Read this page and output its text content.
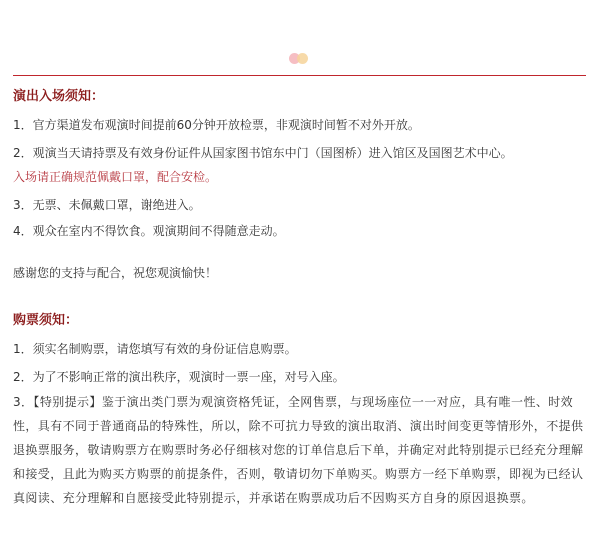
演出入场须知：
1．官方渠道发布观演时间提前60分钟开放检票，非观演时间暂不对外开放。
2．观演当天请持票及有效身份证件从国家图书馆东中门（国图桥）进入馆区及国图艺术中心。
入场请正确规范佩戴口罩，配合安检。
3．无票、未佩戴口罩，谢绝进入。
4．观众在室内不得饮食。观演期间不得随意走动。
感谢您的支持与配合，祝您观演愉快！
购票须知：
1．须实名制购票，请您填写有效的身份证信息购票。
2．为了不影响正常的演出秩序，观演时一票一座，对号入座。
3．【特别提示】鉴于演出类门票为观演资格凭证，全网售票，与现场座位一一对应，具有唯一性、时效性，具有不同于普通商品的特殊性，所以，除不可抗力导致的演出取消、演出时间变更等情形外，不提供退换票服务，敬请购票方在购票时务必仔细核对您的订单信息后下单，并确定对此特别提示已经充分理解和接受，且此为购买方购票的前提条件，否则，敬请切勿下单购买。购票方一经下单购票，即视为已经认真阅读、充分理解和自愿接受此特别提示，并承诺在购票成功后不因购买方自身的原因退换票。
